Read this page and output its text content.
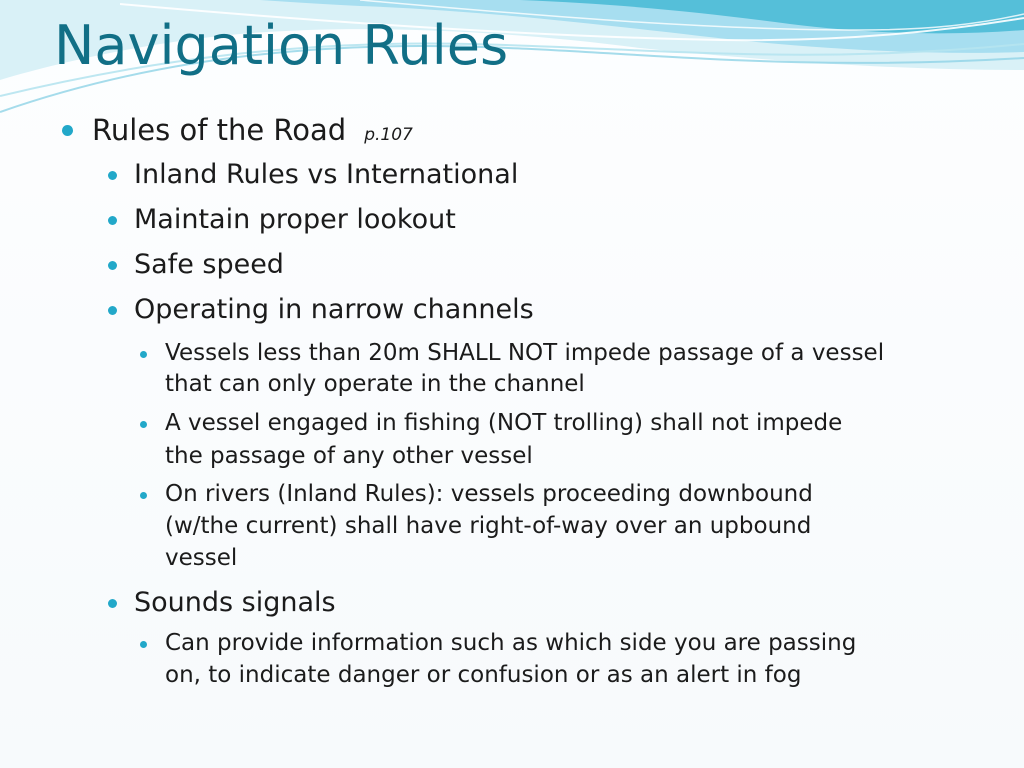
Navigation Rules
Rules of the Road p.107
Inland Rules vs International
Maintain proper lookout
Safe speed
Operating in narrow channels
Vessels less than 20m SHALL NOT impede passage of a vessel
that can only operate in the channel
A vessel engaged in fishing (NOT trolling) shall not impede
the passage of any other vessel
On rivers (Inland Rules): vessels proceeding downbound
(w/the current) shall have right-of-way over an upbound
vessel
Sounds signals
Can provide information such as which side you are passing
on, to indicate danger or confusion or as an alert in fog
